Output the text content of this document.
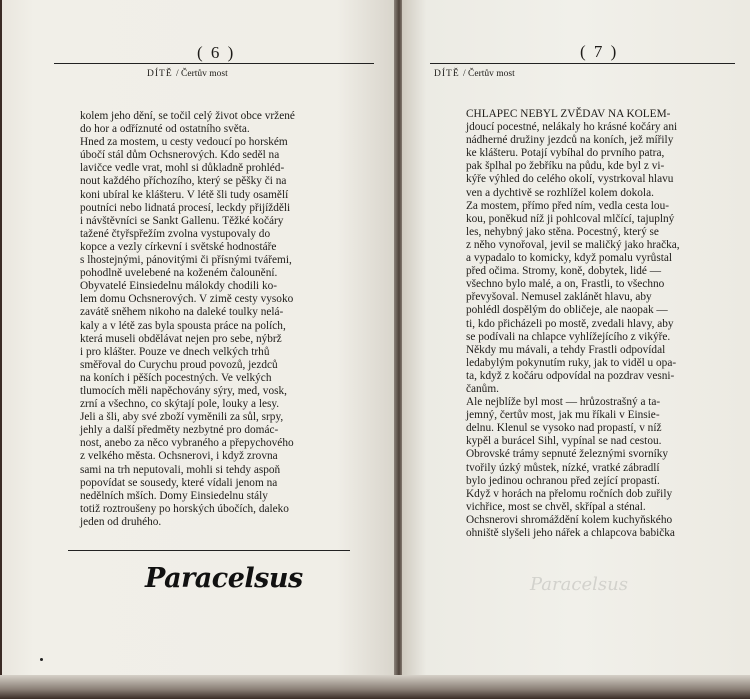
( 6 )
DÍTĚ / Čertův most
kolem jeho dění, se točil celý život obce vržené
do hor a odříznuté od ostatního světa.
Hned za mostem, u cesty vedoucí po horském
úbočí stál dům Ochsnerových. Kdo seděl na
lavičce vedle vrat, mohl si důkladně prohléd-
nout každého příchozího, který se pěšky či na
koni ubíral ke klášteru. V létě šli tudy osamělí
poutníci nebo lidnatá procesí, leckdy přijížděli
i návštěvníci se Sankt Gallenu. Těžké kočáry
tažené čtyřspřežím zvolna vystupovaly do
kopce a vezly církevní i světské hodnostáře
s lhostejnými, pánovitými či přísnými tvářemi,
pohodlně uvelebené na koženém čalounění.
Obyvatelé Einsiedelnu málokdy chodili ko-
lem domu Ochsnerových. V zimě cesty vysoko
zavátě sněhem nikoho na daleké toulky nelá-
kaly a v létě zas byla spousta práce na polích,
která museli obdělávat nejen pro sebe, nýbrž
i pro klášter. Pouze ve dnech velkých trhů
směřoval do Curychu proud povozů, jezdců
na koních i pěších pocestných. Ve velkých
tlumocích měli napěchovány sýry, med, vosk,
zrní a všechno, co skýtají pole, louky a lesy.
Jeli a šli, aby své zboží vyměnili za sůl, srpy,
jehly a další předměty nezbytné pro domác-
nost, anebo za něco vybraného a přepychového
z velkého města. Ochsnerovi, i když zrovna
sami na trh neputovali, mohli si tehdy aspoň
popovídat se sousedy, které vídali jenom na
nedělních mších. Domy Einsiedelnu stály
totiž roztroušeny po horských úbočích, daleko
jeden od druhého.
Paracelsus
( 7 )
DÍTĚ / Čertův most
CHLAPEC NEBYL ZVĚDAV NA KOLEM-
jdoucí pocestné, nelákaly ho krásné kočáry ani
nádherné družiny jezdců na koních, jež mířily
ke klášteru. Potají vybíhal do prvního patra,
pak šplhal po žebříku na půdu, kde byl z vi-
kýře výhled do celého okolí, vystrkoval hlavu
ven a dychtivě se rozhlížel kolem dokola.
Za mostem, přímo před ním, vedla cesta lou-
kou, poněkud níž ji pohlcoval mlčící, tajuplný
les, nehybný jako stěna. Pocestný, který se
z něho vynořoval, jevil se maličký jako hračka,
a vypadalo to komicky, když pomalu vyrůstal
před očima. Stromy, koně, dobytek, lidé —
všechno bylo malé, a on, Frastli, to všechno
převyšoval. Nemusel zaklánět hlavu, aby
pohlédl dospělým do obličeje, ale naopak —
ti, kdo přicházeli po mostě, zvedali hlavy, aby
se podívali na chlapce vyhlížejícího z vikýře.
Někdy mu mávali, a tehdy Frastli odpovídal
ledabylým pokynutím ruky, jak to viděl u opa-
ta, když z kočáru odpovídal na pozdrav vesni-
čanům.
Ale nejblíže byl most — hrůzostrašný a ta-
jemný, čertův most, jak mu říkali v Einsie-
delnu. Klenul se vysoko nad propastí, v níž
kypěl a burácel Sihl, vypínal se nad cestou.
Obrovské trámy sepnuté železnými svorníky
tvořily úzký můstek, nízké, vratké zábradlí
bylo jedinou ochranou před zející propastí.
Když v horách na přelomu ročních dob zuřily
vichřice, most se chvěl, skřípal a sténal.
Ochsnerovi shromáždění kolem kuchyňského
ohniště slyšeli jeho nářek a chlapcova babička
Paracelsus
